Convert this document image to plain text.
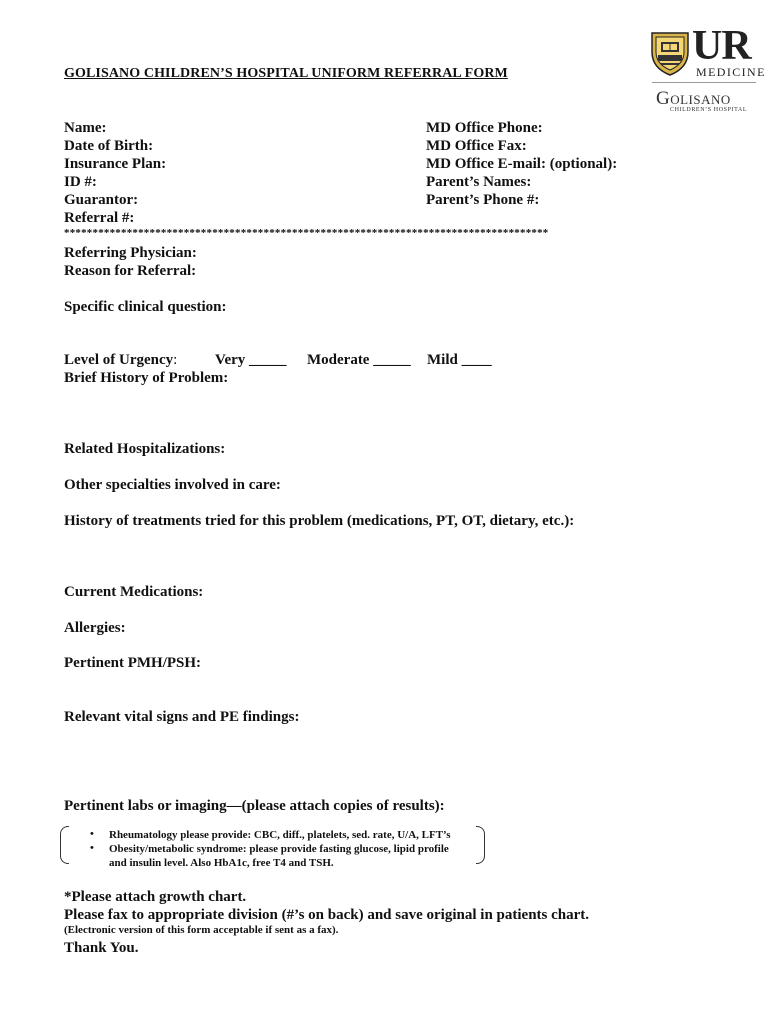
GOLISANO CHILDREN’S HOSPITAL UNIFORM REFERRAL FORM
UR
MEDICINE
Golisano
CHILDREN’S HOSPITAL
Name:
Date of Birth:
Insurance Plan:
ID #:
Guarantor:
Referral #:
MD Office Phone:
MD Office Fax:
MD Office E-mail: (optional):
Parent’s Names:
Parent’s Phone #:
*************************************************************************************
Referring Physician:
Reason for Referral:
Specific clinical question:
Level of Urgency:	Very _____ Moderate _____ Mild ____
Brief History of Problem:
Related Hospitalizations:
Other specialties involved in care:
History of treatments tried for this problem (medications, PT, OT, dietary, etc.):
Current Medications:
Allergies:
Pertinent PMH/PSH:
Relevant vital signs and PE findings:
Pertinent labs or imaging—(please attach copies of results):
• Rheumatology please provide: CBC, diff., platelets, sed. rate, U/A, LFT’s
• Obesity/metabolic syndrome: please provide fasting glucose, lipid profile
and insulin level. Also HbA1c, free T4 and TSH.
*Please attach growth chart.
Please fax to appropriate division (#’s on back) and save original in patients chart.
(Electronic version of this form acceptable if sent as a fax).
Thank You.
